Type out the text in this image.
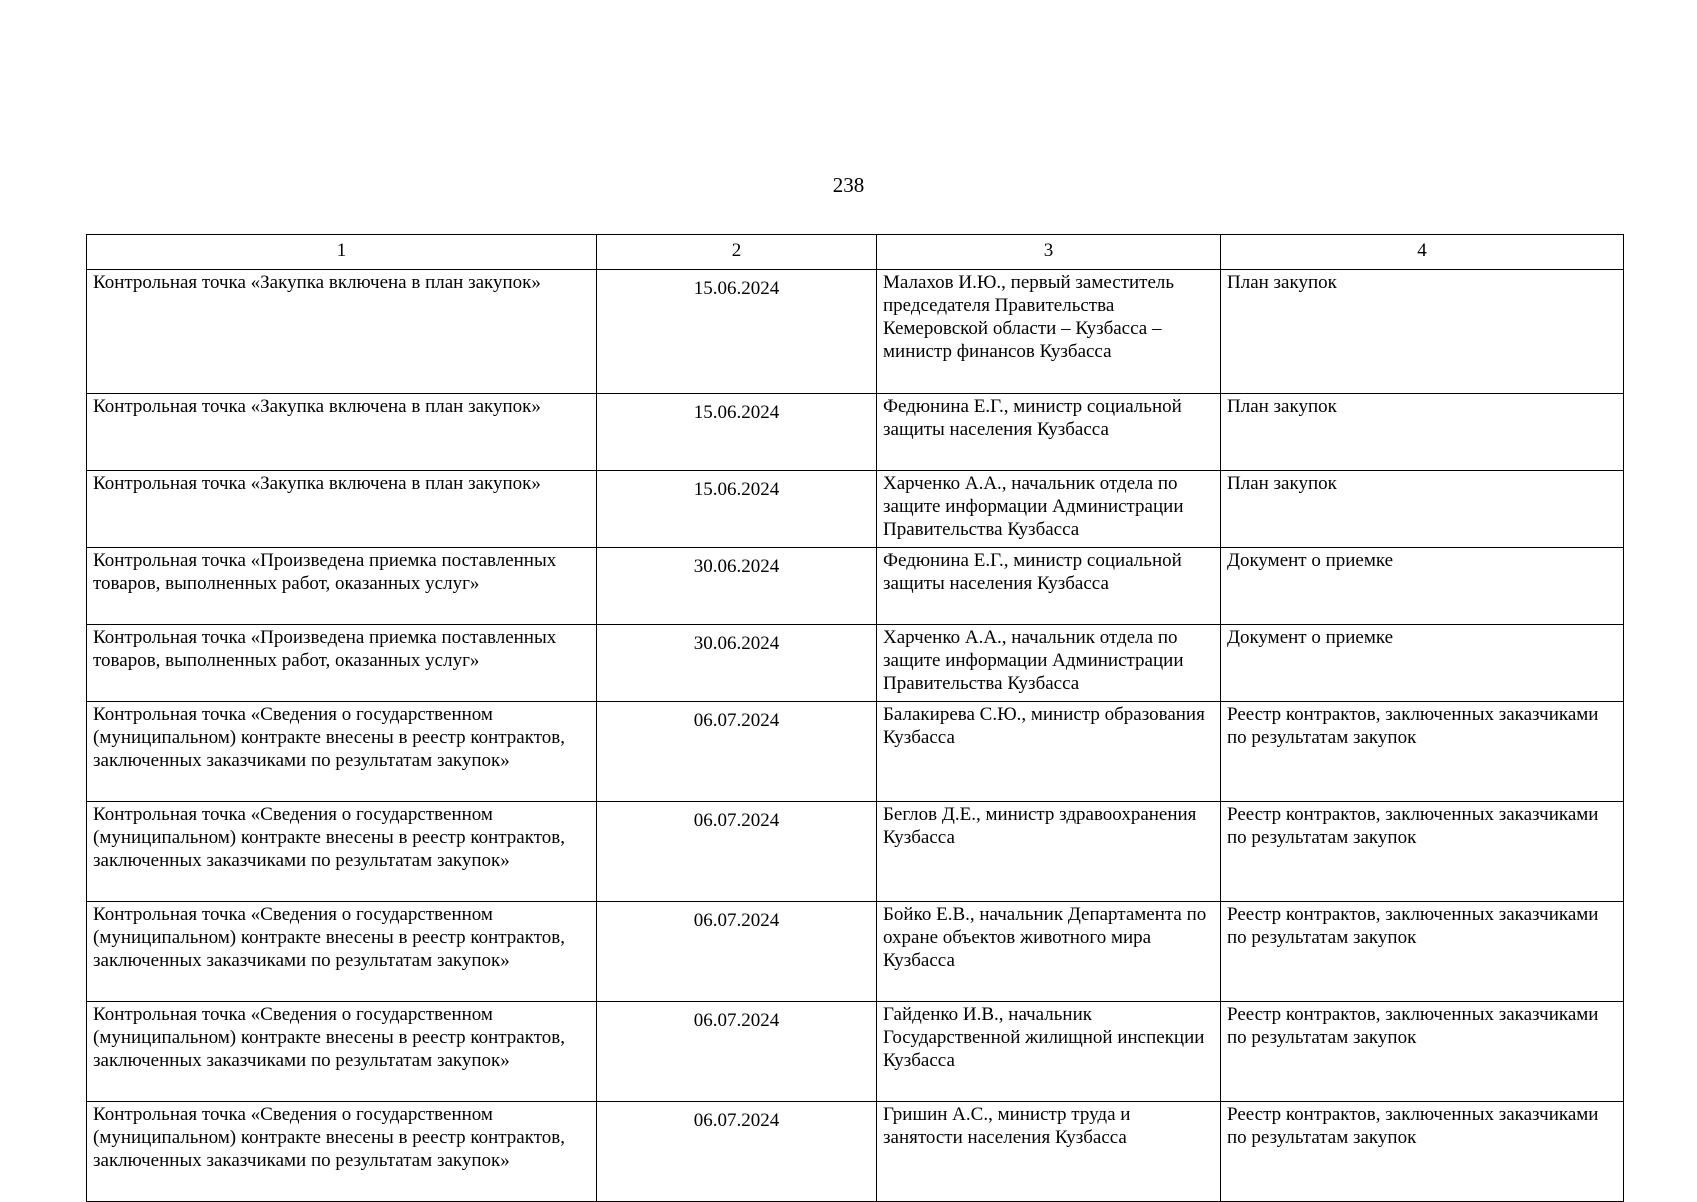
238
1	2	3	4
Контрольная точка «Закупка включена в план закупок»	15.06.2024	Малахов И.Ю., первый заместитель председателя Правительства Кемеровской области – Кузбасса – министр финансов Кузбасса	План закупок
Контрольная точка «Закупка включена в план закупок»	15.06.2024	Федюнина Е.Г., министр социальной защиты населения Кузбасса	План закупок
Контрольная точка «Закупка включена в план закупок»	15.06.2024	Харченко А.А., начальник отдела по защите информации Администрации Правительства Кузбасса	План закупок
Контрольная точка «Произведена приемка поставленных товаров, выполненных работ, оказанных услуг»	30.06.2024	Федюнина Е.Г., министр социальной защиты населения Кузбасса	Документ о приемке
Контрольная точка «Произведена приемка поставленных товаров, выполненных работ, оказанных услуг»	30.06.2024	Харченко А.А., начальник отдела по защите информации Администрации Правительства Кузбасса	Документ о приемке
Контрольная точка «Сведения о государственном (муниципальном) контракте внесены в реестр контрактов, заключенных заказчиками по результатам закупок»	06.07.2024	Балакирева С.Ю., министр образования Кузбасса	Реестр контрактов, заключенных заказчиками по результатам закупок
Контрольная точка «Сведения о государственном (муниципальном) контракте внесены в реестр контрактов, заключенных заказчиками по результатам закупок»	06.07.2024	Беглов Д.Е., министр здравоохранения Кузбасса	Реестр контрактов, заключенных заказчиками по результатам закупок
Контрольная точка «Сведения о государственном (муниципальном) контракте внесены в реестр контрактов, заключенных заказчиками по результатам закупок»	06.07.2024	Бойко Е.В., начальник Департамента по охране объектов животного мира Кузбасса	Реестр контрактов, заключенных заказчиками по результатам закупок
Контрольная точка «Сведения о государственном (муниципальном) контракте внесены в реестр контрактов, заключенных заказчиками по результатам закупок»	06.07.2024	Гайденко И.В., начальник Государственной жилищной инспекции Кузбасса	Реестр контрактов, заключенных заказчиками по результатам закупок
Контрольная точка «Сведения о государственном (муниципальном) контракте внесены в реестр контрактов, заключенных заказчиками по результатам закупок»	06.07.2024	Гришин А.С., министр труда и занятости населения Кузбасса	Реестр контрактов, заключенных заказчиками по результатам закупок
